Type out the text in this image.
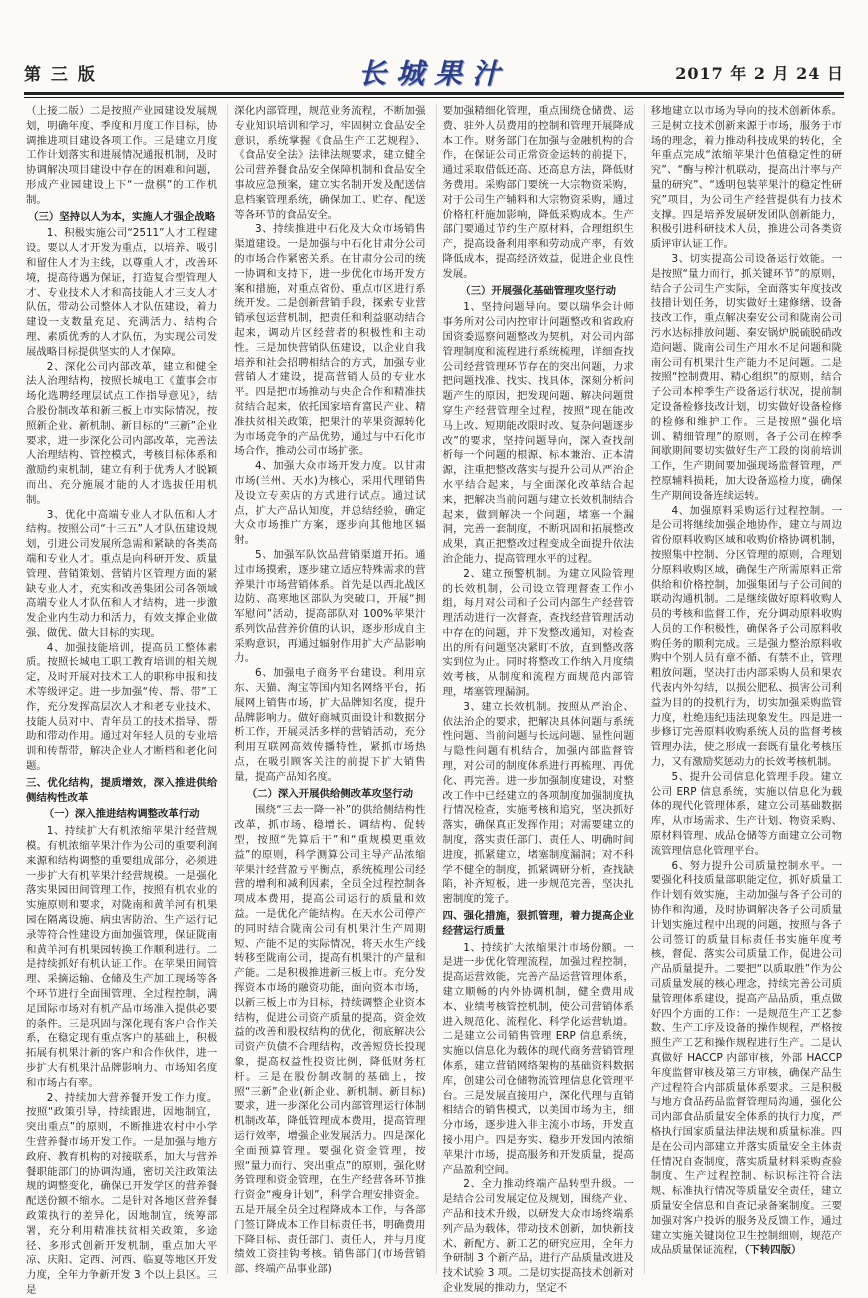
第 三 版	长城果汁	2017 年 2 月 24 日

（上接二版）二是按照产业园建设发展规划，明确年度、季度和月度工作目标，协调推进项目建设各项工作。三是建立月度工作计划落实和进展情况通报机制，及时协调解决项目建设中存在的困难和问题，形成产业园建设上下“一盘棋”的工作机制。

（三）坚持以人为本，实施人才强企战略

1、积极实施公司“2511”人才工程建设。要以人才开发为重点，以培养、吸引和留住人才为主线，以尊重人才，改善环境，提高待遇为保证，打造复合型管理人才、专业技术人才和高技能人才三支人才队伍，带动公司整体人才队伍建设，着力建设一支数量充足、充满活力、结构合理、素质优秀的人才队伍，为实现公司发展战略目标提供坚实的人才保障。

2、深化公司内部改革，建立和健全法人治理结构，按照长城电工《董事会市场化选聘经理层试点工作指导意见》，结合股份制改革和新三板上市实际情况，按照新企业、新机制、新目标的“三新”企业要求，进一步深化公司内部改革，完善法人治理结构、管控模式，考核目标体系和激励约束机制，建立有利于优秀人才脱颖而出、充分施展才能的人才选拔任用机制。

3、优化中高端专业人才队伍和人才结构。按照公司“十三五”人才队伍建设规划，引进公司发展所急需和紧缺的各类高端和专业人才。重点是向科研开发、质量管理、营销策划、营销片区管理方面的紧缺专业人才，充实和改善集团公司各领域高端专业人才队伍和人才结构，进一步激发企业内生动力和活力，有效支撑企业做强、做优、做大目标的实现。

4、加强技能培训，提高员工整体素质。按照长城电工职工教育培训的相关规定，及时开展对技术工人的职称申报和技术等级评定。进一步加强“传、帮、带”工作，充分发挥高层次人才和老专业技术、技能人员对中、青年员工的技术指导、帮助和带动作用。通过对年轻人员的专业培训和传帮带，解决企业人才断档和老化问题。

三、优化结构，提质增效，深入推进供给侧结构性改革

（一）深入推进结构调整改革行动

1、持续扩大有机浓缩苹果汁经营规模。有机浓缩苹果汁作为公司的重要利润来源和结构调整的重要组成部分，必须进一步扩大有机苹果汁经营规模。一是强化落实果园田间管理工作，按照有机农业的实施原则和要求，对陇南和黄羊河有机果园在隔离设施、病虫害防治、生产运行记录等符合性建设方面加强管理，保证陇南和黄羊河有机果园转换工作顺利进行。二是持续抓好有机认证工作。在苹果田间管理、采摘运输、仓储及生产加工现场等各个环节进行全面围管理、全过程控制，满足国际市场对有机产品市场准入提供必要的条件。三是巩固与深化现有客户合作关系，在稳定现有重点客户的基础上，积极拓展有机果汁新的客户和合作伙伴，进一步扩大有机果汁品牌影响力、市场知名度和市场占有率。

2、持续加大营养餐开发工作力度。按照“政策引导，持续跟进，因地制宜，突出重点”的原则，不断推进农村中小学生营养餐市场开发工作。一是加强与地方政府、教育机构的对接联系，加大与营养餐职能部门的协调沟通，密切关注政策法规的调整变化，确保已开发学区的营养餐配送份额不缩水。二是针对各地区营养餐政策执行的差异化，因地制宜，统筹部署，充分利用精准扶贫相关政策，多途径、多形式创新开发机制，重点加大平凉、庆阳、定西、河西、临夏等地区开发力度，全年力争新开发 3 个以上县区。三是

深化内部管理，规范业务流程，不断加强专业知识培训和学习，牢固树立食品安全意识，系统掌握《食品生产工艺规程》、《食品安全法》法律法规要求，建立健全公司营养餐食品安全保障机制和食品安全事故应急预案，建立实名制开发及配送信息档案管理系统，确保加工、贮存、配送等各环节的食品安全。

3、持续推进中石化及大众市场销售渠道建设。一是加强与中石化甘肃分公司的市场合作紧密关系。在甘肃分公司的统一协调和支持下，进一步优化市场开发方案和措施，对重点省份、重点市区进行系统开发。二是创新营销手段，探索专业营销承包运营机制，把责任和利益驱动结合起来，调动片区经营者的积极性和主动性。三是加快营销队伍建设，以企业自我培养和社会招聘相结合的方式，加强专业营销人才建设，提高营销人员的专业水平。四是把市场推动与央企合作和精准扶贫结合起来，依托国家培育富民产业、精准扶贫相关政策，把果汁的苹果资源转化为市场竞争的产品优势，通过与中石化市场合作，推动公司市场扩张。

4、加强大众市场开发力度。以甘肃市场(兰州、天水)为核心，采用代理销售及设立专卖店的方式进行试点。通过试点，扩大产品认知度，并总结经验，确定大众市场推广方案，逐步向其他地区辐射。

5、加强军队饮品营销渠道开拓。通过市场摸索，逐步建立适应特殊需求的营养果汁市场营销体系。首先是以西北战区边防、高寒地区部队为突破口，开展“拥军慰问”活动，提高部队对 100%苹果汁系列饮品营养价值的认识，逐步形成自主采购意识，再通过辐射作用扩大产品影响力。

6、加强电子商务平台建设。利用京东、天猫、淘宝等国内知名网络平台，拓展网上销售市场，扩大品牌知名度，提升品牌影响力。做好商城页面设计和数据分析工作，开展灵活多样的营销活动，充分利用互联网高效传播特性，紧抓市场热点，在吸引顾客关注的前提下扩大销售量，提高产品知名度。

（二）深入开展供给侧改革攻坚行动

围绕“三去一降一补”的供给侧结构性改革，抓市场、稳增长、调结构、促转型，按照“先算后干”和“重规模更重效益”的原则，科学测算公司主导产品浓缩苹果汁经营盈亏平衡点，系统梳理公司经营的增利和减利因素，全员全过程控制各项成本费用，提高公司运行的质量和效益。一是优化产能结构。在天水公司停产的同时结合陇南公司有机果汁生产周期短、产能不足的实际情况，将天水生产线转移至陇南公司，提高有机果汁的产量和产能。二是积极推进新三板上市。充分发挥资本市场的融资功能，面向资本市场，以新三板上市为目标，持续调整企业资本结构，促进公司资产质量的提高，资金效益的改善和股权结构的优化，彻底解决公司资产负债不合理结构，改善短贷长投现象，提高权益性投资比例，降低财务杠杆。三是在股份制改制的基础上，按照“三新”企业(新企业、新机制、新目标)要求，进一步深化公司内部管理运行体制机制改革，降低管理成本费用，提高管理运行效率，增强企业发展活力。四是深化全面预算管理。要强化资金管理，按照“量力而行、突出重点”的原则，强化财务管理和资金管理，在生产经营各环节推行资金“瘦身计划”，科学合理安排资金。五是开展全员全过程降成本工作，与各部门签订降成本工作目标责任书，明确费用下降目标、责任部门、责任人，并与月度绩效工资挂钩考核。销售部门(市场营销部、终端产品事业部)

要加强精细化管理，重点围绕仓储费、运费、驻外人员费用的控制和管理开展降成本工作。财务部门在加强与金融机构的合作，在保证公司正常资金运转的前提下，通过采取借低还高、还高息方法，降低财务费用。采购部门要统一大宗物资采购，对于公司生产辅料和大宗物资采购，通过价格杠杆施加影响，降低采购成本。生产部门要通过节约生产原材料，合理组织生产，提高设备利用率和劳动成产率，有效降低成本，提高经济效益，促进企业良性发展。

（三）开展强化基础管理攻坚行动

1、坚持问题导向。要以瑞华会计师事务所对公司内控审计问题整改和省政府国资委巡察问题整改为契机，对公司内部管理制度和流程进行系统梳理，详细查找公司经营管理环节存在的突出问题，力求把问题找准、找实、找具体，深刻分析问题产生的原因，把发现问题、解决问题贯穿生产经营管理全过程，按照“现在能改马上改、短期能改限时改、复杂问题逐步改”的要求，坚持问题导向，深入查找剖析每一个问题的根源、标本兼治、正本清源，注重把整改落实与提升公司从严治企水平结合起来，与全面深化改革结合起来，把解决当前问题与建立长效机制结合起来，做到解决一个问题，堵塞一个漏洞，完善一套制度，不断巩固和拓展整改成果，真正把整改过程变成全面提升依法治企能力、提高管理水平的过程。

2、建立预警机制。为建立风险管理的长效机制，公司设立管理督查工作小组，每月对公司和子公司内部生产经营管理活动进行一次督查，查找经营管理活动中存在的问题，并下发整改通知，对检查出的所有问题坚决紧盯不放，直到整改落实到位为止。同时将整改工作纳入月度绩效考核，从制度和流程方面规范内部管理，堵塞管理漏洞。

3、建立长效机制。按照从严治企、依法治企的要求，把解决具体问题与系统性问题、当前问题与长远问题、显性问题与隐性问题有机结合，加强内部监督管理，对公司的制度体系进行再梳理、再优化、再完善。进一步加强制度建设，对整改工作中已经建立的各项制度加强制度执行情况检查，实施考核和追究，坚决抓好落实，确保真正发挥作用；对需要建立的制度，落实责任部门、责任人、明确时间进度，抓紧建立，堵塞制度漏洞；对不科学不健全的制度，抓紧调研分析，查找缺陷，补齐短板，进一步规范完善，坚决扎密制度的笼子。

四、强化措施，狠抓管理，着力提高企业经营运行质量

1、持续扩大浓缩果汁市场份额。一是进一步优化管理流程，加强过程控制，提高运营效能，完善产品运营管理体系，建立顺畅的内外协调机制，健全费用成本、业绩考核管控机制，使公司营销体系进入规范化、流程化、科学化运营轨道。二是建立公司销售管理 ERP 信息系统，实施以信息化为载体的现代商务营销管理体系，建立营销网络架构的基础资料数据库，创建公司仓储物流管理信息化管理平台。三是发展直接用户，深化代理与直销相结合的销售模式，以美国市场为主，细分市场，逐步进入非主流小市场，开发直接小用户。四是夯实、稳步开发国内浓缩苹果汁市场，提高服务和开发质量，提高产品盈利空间。

2、全力推动终端产品转型升级。一是结合公司发展定位及规划，围绕产业、产品和技术升级，以研发大众市场终端系列产品为载体，带动技术创新，加快新技术、新配方、新工艺的研究应用，全年力争研制 3 个新产品，进行产品质量改进及技术试验 3 项。二是切实提高技术创新对企业发展的推动力，坚定不

移地建立以市场为导向的技术创新体系。三是树立技术创新来源于市场，服务于市场的理念，着力推动科技成果的转化，全年重点完成“浓缩苹果汁色值稳定性的研究”、“酶与榨汁机联动，提高出汁率与产量的研究”、“透明包装苹果汁的稳定性研究”项目，为公司生产经营提供有力技术支撑。四是培养发展研发团队创新能力，积极引进科研技术人员，推进公司各类资质评审认证工作。

3、切实提高公司设备运行效能。一是按照“量力而行，抓关键环节”的原则，结合子公司生产实际，全面落实年度技改技措计划任务，切实做好土建修缮、设备技改工作，重点解决秦安公司和陇南公司污水达标排放问题、秦安锅炉脱硫脱硝改造问题、陇南公司生产用水不足问题和陇南公司有机果汁生产能力不足问题。二是按照“控制费用、精心组织”的原则，结合子公司本榨季生产设备运行状况，提前制定设备检修技改计划，切实做好设备检修的检修和维护工作。三是按照“强化培训、精细管理”的原则，各子公司在榨季间歇期间要切实做好生产工段的岗前培训工作，生产期间要加强现场监督管理，严控原辅料损耗，加大设备巡检力度，确保生产期间设备连续运转。

4、加强原料采购运行过程控制。一是公司将继续加强企地协作，建立与周边省份原料收购区域和收购价格协调机制，按照集中控制、分区管理的原则，合理划分原料收购区域，确保生产所需原料正常供给和价格控制，加强集团与子公司间的联动沟通机制。二是继续做好原料收购人员的考核和监督工作，充分调动原料收购人员的工作积极性，确保各子公司原料收购任务的顺利完成。三是强力整治原料收购中个别人员有章不循、有禁不止，管理粗放问题，坚决打击内部采购人员和果农代表内外勾结，以损公肥私、损害公司利益为目的的投机行为，切实加强采购监管力度，杜绝违纪违法现象发生。四是进一步修订完善原料收购系统人员的监督考核管理办法，使之形成一套既有量化考核压力，又有激励奖惩动力的长效考核机制。

5、提升公司信息化管理手段。建立公司 ERP 信息系统，实施以信息化为载体的现代化管理体系，建立公司基础数据库，从市场需求、生产计划、物资采购、原材料管理、成品仓储等方面建立公司物流管理信息化管理平台。

6、努力提升公司质量控制水平。一要强化科技质量部职能定位，抓好质量工作计划有效实施，主动加强与各子公司的协作和沟通，及时协调解决各子公司质量计划实施过程中出现的问题，按照与各子公司签订的质量目标责任书实施年度考核，督促、落实公司质量工作，促进公司产品质量提升。二要把“以质取胜”作为公司质量发展的核心理念，持续完善公司质量管理体系建设，提高产品品质，重点做好四个方面的工作：一是规范生产工艺参数、生产工序及设备的操作规程，严格按照生产工艺和操作规程进行生产。二是认真做好 HACCP 内部审核，外部 HACCP 年度监督审核及第三方审核，确保产品生产过程符合内部质量体系要求。三是积极与地方食品药品监督管理局沟通，强化公司内部食品质量安全体系的执行力度，严格执行国家质量法律法规和质量标准。四是在公司内部建立并落实质量安全主体责任情况自查制度，落实质量材料采购查验制度、生产过程控制、标识标注符合法规、标准执行情况等质量安全责任，建立质量安全信息和自查记录备案制度。三要加强对客户投诉的服务及反馈工作，通过建立实施关键岗位卫生控制细则，规范产成品质量保证流程，（下转四版）
